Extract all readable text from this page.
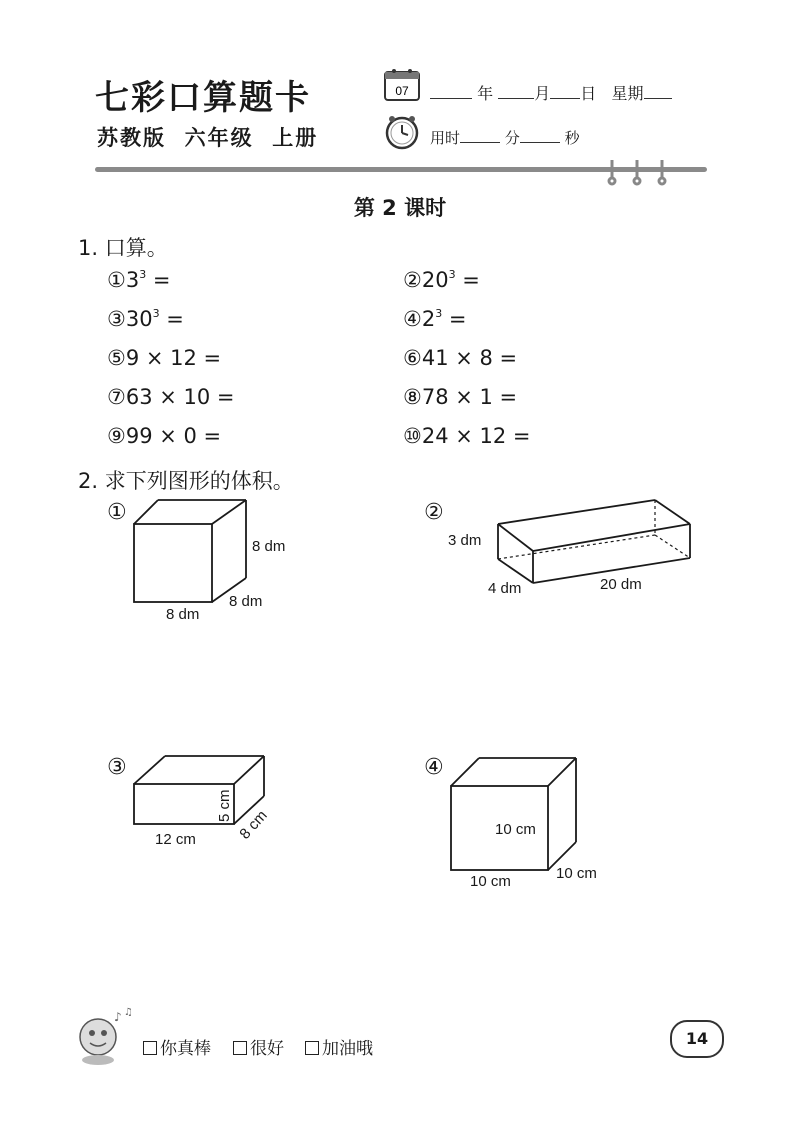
七彩口算题卡
苏教版  六年级  上册
07	年	月 日 星期
用时	分	秒
第 2 课时
1. 口算。
$①3^3$ =	$②20^3$ =
$③30^3$ =	$④2^3$ =
⑤9 × 12 =	⑥41 × 8 =
⑦63 × 10 =	⑧78 × 1 =
⑨99 × 0 =	⑩24 × 12 =
2. 求下列图形的体积。
①	②
③	④
8 dm
8 dm
8 dm
3 dm
4 dm	20 dm
5 cm
12 cm	8 cm	10 cm
10 cm	10 cm
♪ ♫
你真棒	很好	加油哦
14
